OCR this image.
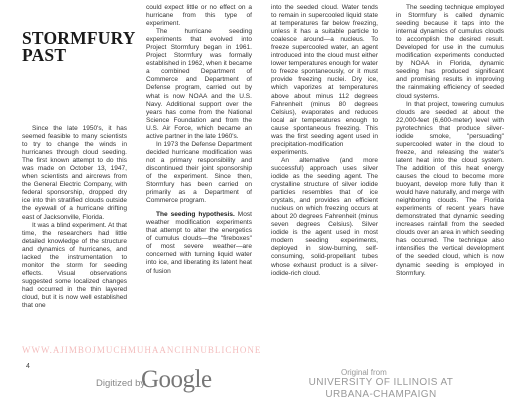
STORMFURY
PAST

Since the late 1950's, it has seemed feasible to many scientists to try to change the winds in hurricanes through cloud seeding. The first known attempt to do this was made on October 13, 1947, when scientists and aircrews from the General Electric Company, with federal sponsorship, dropped dry ice into thin stratified clouds outside the eyewall of a hurricane drifting east of Jacksonville, Florida.

It was a blind experiment. At that time, the researchers had little detailed knowledge of the structure and dynamics of hurricanes, and lacked the instrumentation to monitor the storm for seeding effects. Visual observations suggested some localized changes had occurred in the thin layered cloud, but it is now well established that one

could expect little or no effect on a hurricane from this type of experiment.

The hurricane seeding experiments that evolved into Project Stormfury began in 1961. Project Stormfury was formally established in 1962, when it became a combined Department of Commerce and Department of Defense program, carried out by what is now NOAA and the U.S. Navy. Additional support over the years has come from the National Science Foundation and from the U.S. Air Force, which became an active partner in the late 1960's.

In 1973 the Defense Department decided hurricane modification was not a primary responsibility and discontinued their joint sponsorship of the experiment. Since then, Stormfury has been carried on primarily as a Department of Commerce program.

The seeding hypothesis. Most weather modification experiments that attempt to alter the energetics of cumulus clouds—the "fireboxes" of most severe weather—are concerned with turning liquid water into ice, and liberating its latent heat of fusion

into the seeded cloud. Water tends to remain in supercooled liquid state at temperatures far below freezing, unless it has a suitable particle to coalesce around—a nucleus. To freeze supercooled water, an agent introduced into the cloud must either lower temperatures enough for water to freeze spontaneously, or it must provide freezing nuclei. Dry ice, which vaporizes at temperatures above about minus 112 degrees Fahrenheit (minus 80 degrees Celsius), evaporates and reduces local air temperatures enough to cause spontaneous freezing. This was the first seeding agent used in precipitation-modification experiments.

An alternative (and more successful) approach uses silver iodide as the seeding agent. The crystalline structure of silver iodide particles resembles that of ice crystals, and provides an efficient nucleus on which freezing occurs at about 20 degrees Fahrenheit (minus seven degrees Celsius). Silver iodide is the agent used in most modern seeding experiments, deployed in slow-burning, self-consuming, solid-propellant tubes whose exhaust product is a silver-iodide-rich cloud.

The seeding technique employed in Stormfury is called dynamic seeding because it taps into the internal dynamics of cumulus clouds to accomplish the desired result. Developed for use in the cumulus modification experiments conducted by NOAA in Florida, dynamic seeding has produced significant and promising results in improving the rainmaking efficiency of seeded cloud systems.

In that project, towering cumulus clouds are seeded at about the 22,000-feet (6,600-meter) level with pyrotechnics that produce silver-iodide smoke, "persuading" supercooled water in the cloud to freeze, and releasing the water's latent heat into the cloud system. The addition of this heat energy causes the cloud to become more buoyant, develop more fully than it would have naturally, and merge with neighboring clouds. The Florida experiments of recent years have demonstrated that dynamic seeding increases rainfall from the seeded clouds over an area in which seeding has occurred. The technique also intensifies the vertical development of the seeded cloud, which is now dynamic seeding is employed in Stormfury.

WWW.AJIMBOJMUCHMUHAANCIHNUBLICHONE
4
Digitized by
Google	Original from
UNIVERSITY OF ILLINOIS AT
URBANA-CHAMPAIGN
